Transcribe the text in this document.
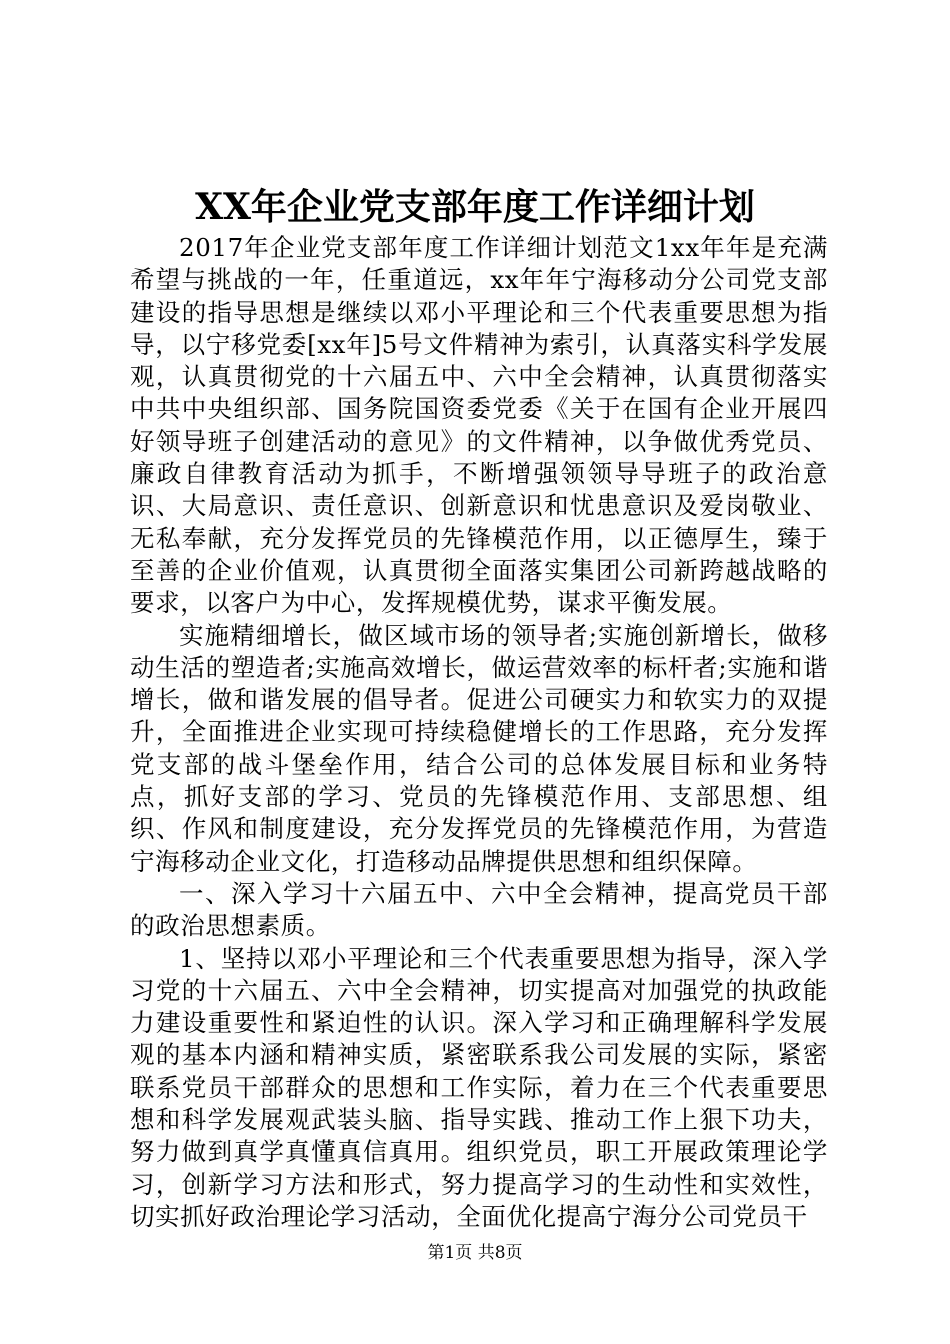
XX年企业党支部年度工作详细计划

2017年企业党支部年度工作详细计划范文1xx年年是充满希望与挑战的一年，任重道远，xx年年宁海移动分公司党支部建设的指导思想是继续以邓小平理论和三个代表重要思想为指导，以宁移党委[xx年]5号文件精神为索引，认真落实科学发展观，认真贯彻党的十六届五中、六中全会精神，认真贯彻落实中共中央组织部、国务院国资委党委《关于在国有企业开展四好领导班子创建活动的意见》的文件精神，以争做优秀党员、廉政自律教育活动为抓手，不断增强领领导导班子的政治意识、大局意识、责任意识、创新意识和忧患意识及爱岗敬业、无私奉献，充分发挥党员的先锋模范作用，以正德厚生，臻于至善的企业价值观，认真贯彻全面落实集团公司新跨越战略的要求，以客户为中心，发挥规模优势，谋求平衡发展。

实施精细增长，做区域市场的领导者;实施创新增长，做移动生活的塑造者;实施高效增长，做运营效率的标杆者;实施和谐增长，做和谐发展的倡导者。促进公司硬实力和软实力的双提升，全面推进企业实现可持续稳健增长的工作思路，充分发挥党支部的战斗堡垒作用，结合公司的总体发展目标和业务特点，抓好支部的学习、党员的先锋模范作用、支部思想、组织、作风和制度建设，充分发挥党员的先锋模范作用，为营造宁海移动企业文化，打造移动品牌提供思想和组织保障。

一、深入学习十六届五中、六中全会精神，提高党员干部的政治思想素质。

1、坚持以邓小平理论和三个代表重要思想为指导，深入学习党的十六届五、六中全会精神，切实提高对加强党的执政能力建设重要性和紧迫性的认识。深入学习和正确理解科学发展观的基本内涵和精神实质，紧密联系我公司发展的实际，紧密联系党员干部群众的思想和工作实际，着力在三个代表重要思想和科学发展观武装头脑、指导实践、推动工作上狠下功夫，努力做到真学真懂真信真用。组织党员，职工开展政策理论学习，创新学习方法和形式，努力提高学习的生动性和实效性，切实抓好政治理论学习活动，全面优化提高宁海分公司党员干

第1页 共8页
